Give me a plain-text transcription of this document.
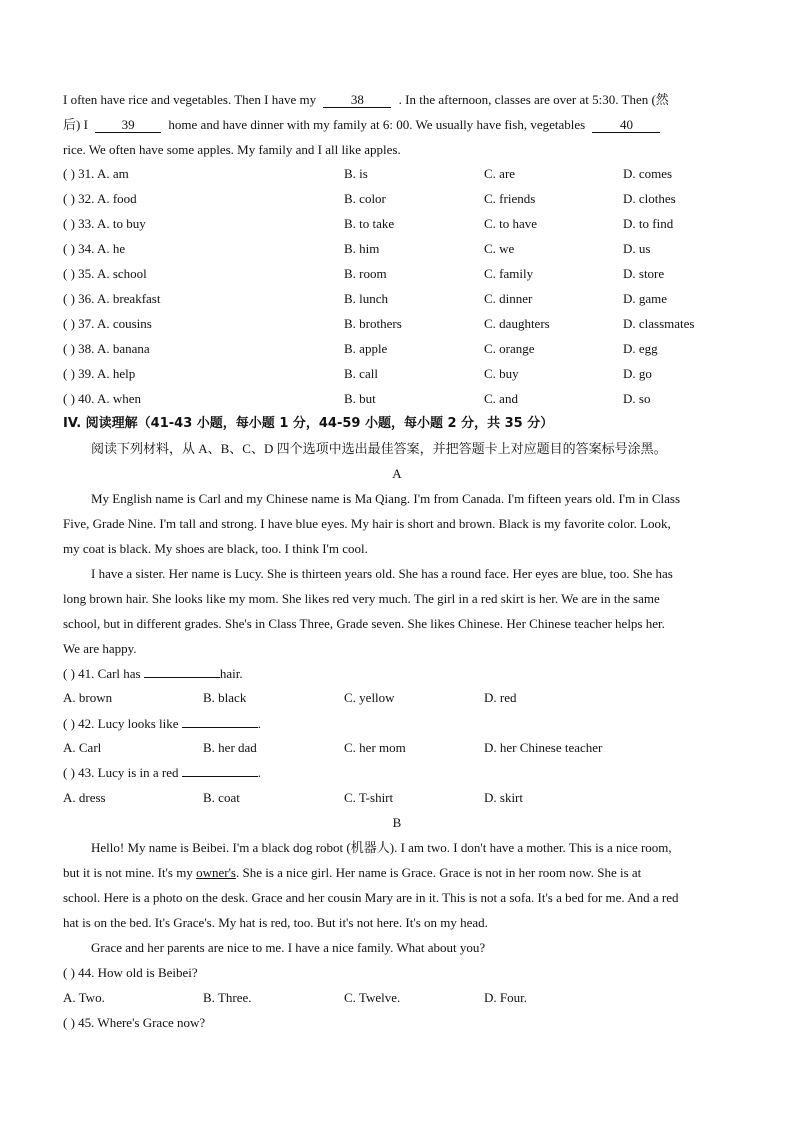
I often have rice and vegetables. Then I have my 38 . In the afternoon, classes are over at 5:30. Then (然
后) I 39 home and have dinner with my family at 6: 00. We usually have fish, vegetables 40
rice. We often have some apples. My family and I all like apples.
( ) 31. A. am	B. is	C. are	D. comes
( ) 32. A. food	B. color	C. friends	D. clothes
( ) 33. A. to buy	B. to take	C. to have	D. to find
( ) 34. A. he	B. him	C. we	D. us
( ) 35. A. school	B. room	C. family	D. store
( ) 36. A. breakfast	B. lunch	C. dinner	D. game
( ) 37. A. cousins	B. brothers	C. daughters	D. classmates
( ) 38. A. banana	B. apple	C. orange	D. egg
( ) 39. A. help	B. call	C. buy	D. go
( ) 40. A. when	B. but	C. and	D. so
IV. 阅读理解（41-43 小题，每小题 1 分，44-59 小题，每小题 2 分，共 35 分）
阅读下列材料，从 A、B、C、D 四个选项中选出最佳答案，并把答题卡上对应题目的答案标号涂黑。
A
My English name is Carl and my Chinese name is Ma Qiang. I'm from Canada. I'm fifteen years old. I'm in Class
Five, Grade Nine. I'm tall and strong. I have blue eyes. My hair is short and brown. Black is my favorite color. Look,
my coat is black. My shoes are black, too. I think I'm cool.
I have a sister. Her name is Lucy. She is thirteen years old. She has a round face. Her eyes are blue, too. She has
long brown hair. She looks like my mom. She likes red very much. The girl in a red skirt is her. We are in the same
school, but in different grades. She's in Class Three, Grade seven. She likes Chinese. Her Chinese teacher helps her.
We are happy.
( ) 41. Carl has	hair.
A. brown	B. black	C. yellow	D. red
( ) 42. Lucy looks like	.
A. Carl	B. her dad	C. her mom	D. her Chinese teacher
( ) 43. Lucy is in a red	.
A. dress	B. coat	C. T-shirt	D. skirt
B
Hello! My name is Beibei. I'm a black dog robot (机器人). I am two. I don't have a mother. This is a nice room,
but it is not mine. It's my owner's. She is a nice girl. Her name is Grace. Grace is not in her room now. She is at
school. Here is a photo on the desk. Grace and her cousin Mary are in it. This is not a sofa. It's a bed for me. And a red
hat is on the bed. It's Grace's. My hat is red, too. But it's not here. It's on my head.
Grace and her parents are nice to me. I have a nice family. What about you?
( ) 44. How old is Beibei?
A. Two.	B. Three.	C. Twelve.	D. Four.
( ) 45. Where's Grace now?
